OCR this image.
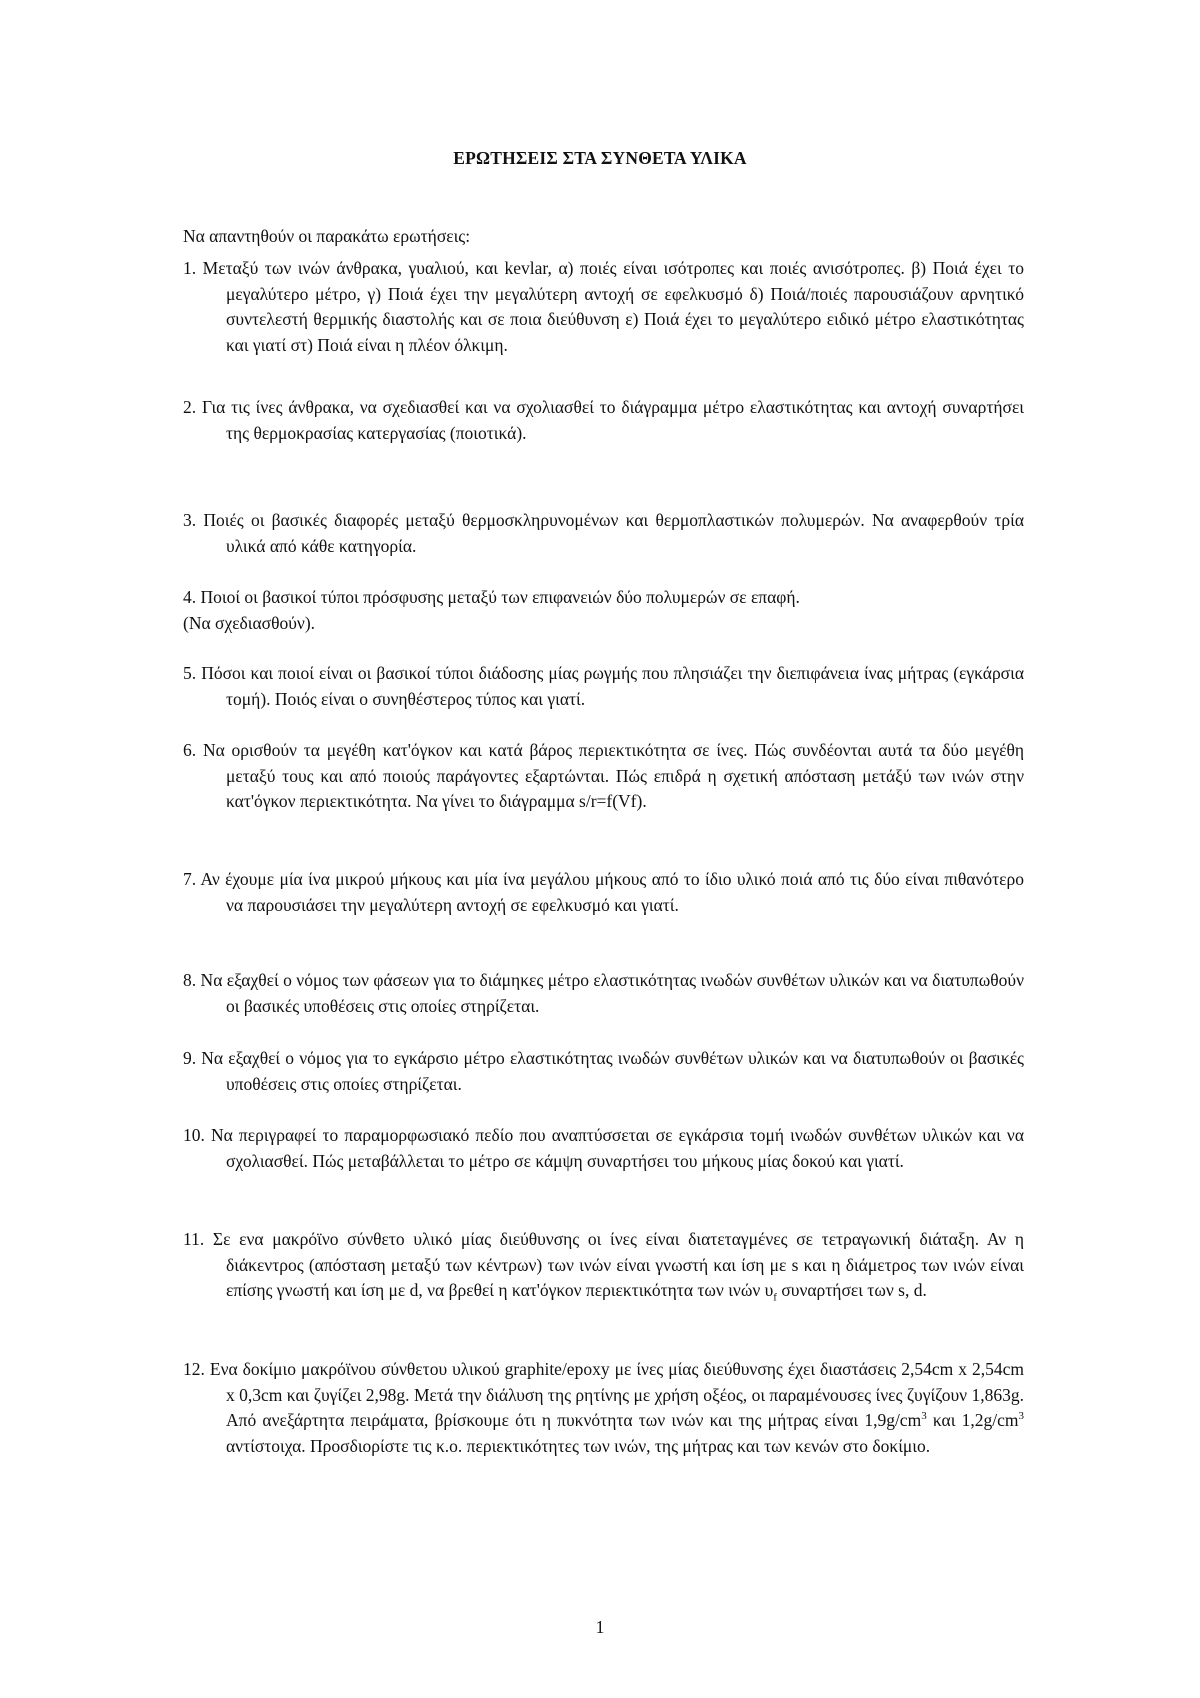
ΕΡΩΤΗΣΕΙΣ ΣΤΑ ΣΥΝΘΕΤΑ ΥΛΙΚΑ
Να απαντηθούν οι παρακάτω ερωτήσεις:
1. Μεταξύ των ινών άνθρακα, γυαλιού, και kevlar, α) ποιές είναι ισότροπες και ποιές ανισότροπες. β) Ποιά έχει το μεγαλύτερο μέτρο, γ) Ποιά έχει την μεγαλύτερη αντοχή σε εφελκυσμό δ) Ποιά/ποιές παρουσιάζουν αρνητικό συντελεστή θερμικής διαστολής και σε ποια διεύθυνση ε) Ποιά έχει το μεγαλύτερο ειδικό μέτρο ελαστικότητας και γιατί στ) Ποιά είναι η πλέον όλκιμη.
2. Για τις ίνες άνθρακα, να σχεδιασθεί και να σχολιασθεί το διάγραμμα μέτρο ελαστικότητας και αντοχή συναρτήσει της θερμοκρασίας κατεργασίας (ποιοτικά).
3. Ποιές οι βασικές διαφορές μεταξύ θερμοσκληρυνομένων και θερμοπλαστικών πολυμερών. Να αναφερθούν τρία υλικά από κάθε κατηγορία.
4. Ποιοί οι βασικοί τύποι πρόσφυσης μεταξύ των επιφανειών δύο πολυμερών σε επαφή.
(Να σχεδιασθούν).
5. Πόσοι και ποιοί είναι οι βασικοί τύποι διάδοσης μίας ρωγμής που πλησιάζει την διεπιφάνεια ίνας μήτρας (εγκάρσια τομή). Ποιός είναι ο συνηθέστερος τύπος και γιατί.
6. Να ορισθούν τα μεγέθη κατ'όγκον και κατά βάρος περιεκτικότητα σε ίνες. Πώς συνδέονται αυτά τα δύο μεγέθη μεταξύ τους και από ποιούς παράγοντες εξαρτώνται. Πώς επιδρά η σχετική απόσταση μετάξύ των ινών στην κατ'όγκον περιεκτικότητα. Να γίνει το διάγραμμα s/r=f(Vf).
7. Αν έχουμε μία ίνα μικρού μήκους και μία ίνα μεγάλου μήκους από το ίδιο υλικό ποιά από τις δύο είναι πιθανότερο να παρουσιάσει την μεγαλύτερη αντοχή σε εφελκυσμό και γιατί.
8. Να εξαχθεί ο νόμος των φάσεων για το διάμηκες μέτρο ελαστικότητας ινωδών συνθέτων υλικών και να διατυπωθούν οι βασικές υποθέσεις στις οποίες στηρίζεται.
9. Να εξαχθεί ο νόμος για το εγκάρσιο μέτρο ελαστικότητας ινωδών συνθέτων υλικών και να διατυπωθούν οι βασικές υποθέσεις στις οποίες στηρίζεται.
10. Να περιγραφεί το παραμορφωσιακό πεδίο που αναπτύσσεται σε εγκάρσια τομή ινωδών συνθέτων υλικών και να σχολιασθεί. Πώς μεταβάλλεται το μέτρο σε κάμψη συναρτήσει του μήκους μίας δοκού και γιατί.
11. Σε ενα μακρόϊνο σύνθετο υλικό μίας διεύθυνσης οι ίνες είναι διατεταγμένες σε τετραγωνική διάταξη. Αν η διάκεντρος (απόσταση μεταξύ των κέντρων) των ινών είναι γνωστή και ίση με s και η διάμετρος των ινών είναι επίσης γνωστή και ίση με d, να βρεθεί η κατ'όγκον περιεκτικότητα των ινών $\upsilon_f$ συναρτήσει των s, d.
12. Ενα δοκίμιο μακρόϊνου σύνθετου υλικού graphite/epoxy με ίνες μίας διεύθυνσης έχει διαστάσεις 2,54cm x 2,54cm x 0,3cm και ζυγίζει 2,98g. Μετά την διάλυση της ρητίνης με χρήση οξέος, οι παραμένουσες ίνες ζυγίζουν 1,863g. Από ανεξάρτητα πειράματα, βρίσκουμε ότι η πυκνότητα των ινών και της μήτρας είναι $1,9g/cm^3$ και $1,2g/cm^3$ αντίστοιχα. Προσδιορίστε τις κ.ο. περιεκτικότητες των ινών, της μήτρας και των κενών στο δοκίμιο.
1
